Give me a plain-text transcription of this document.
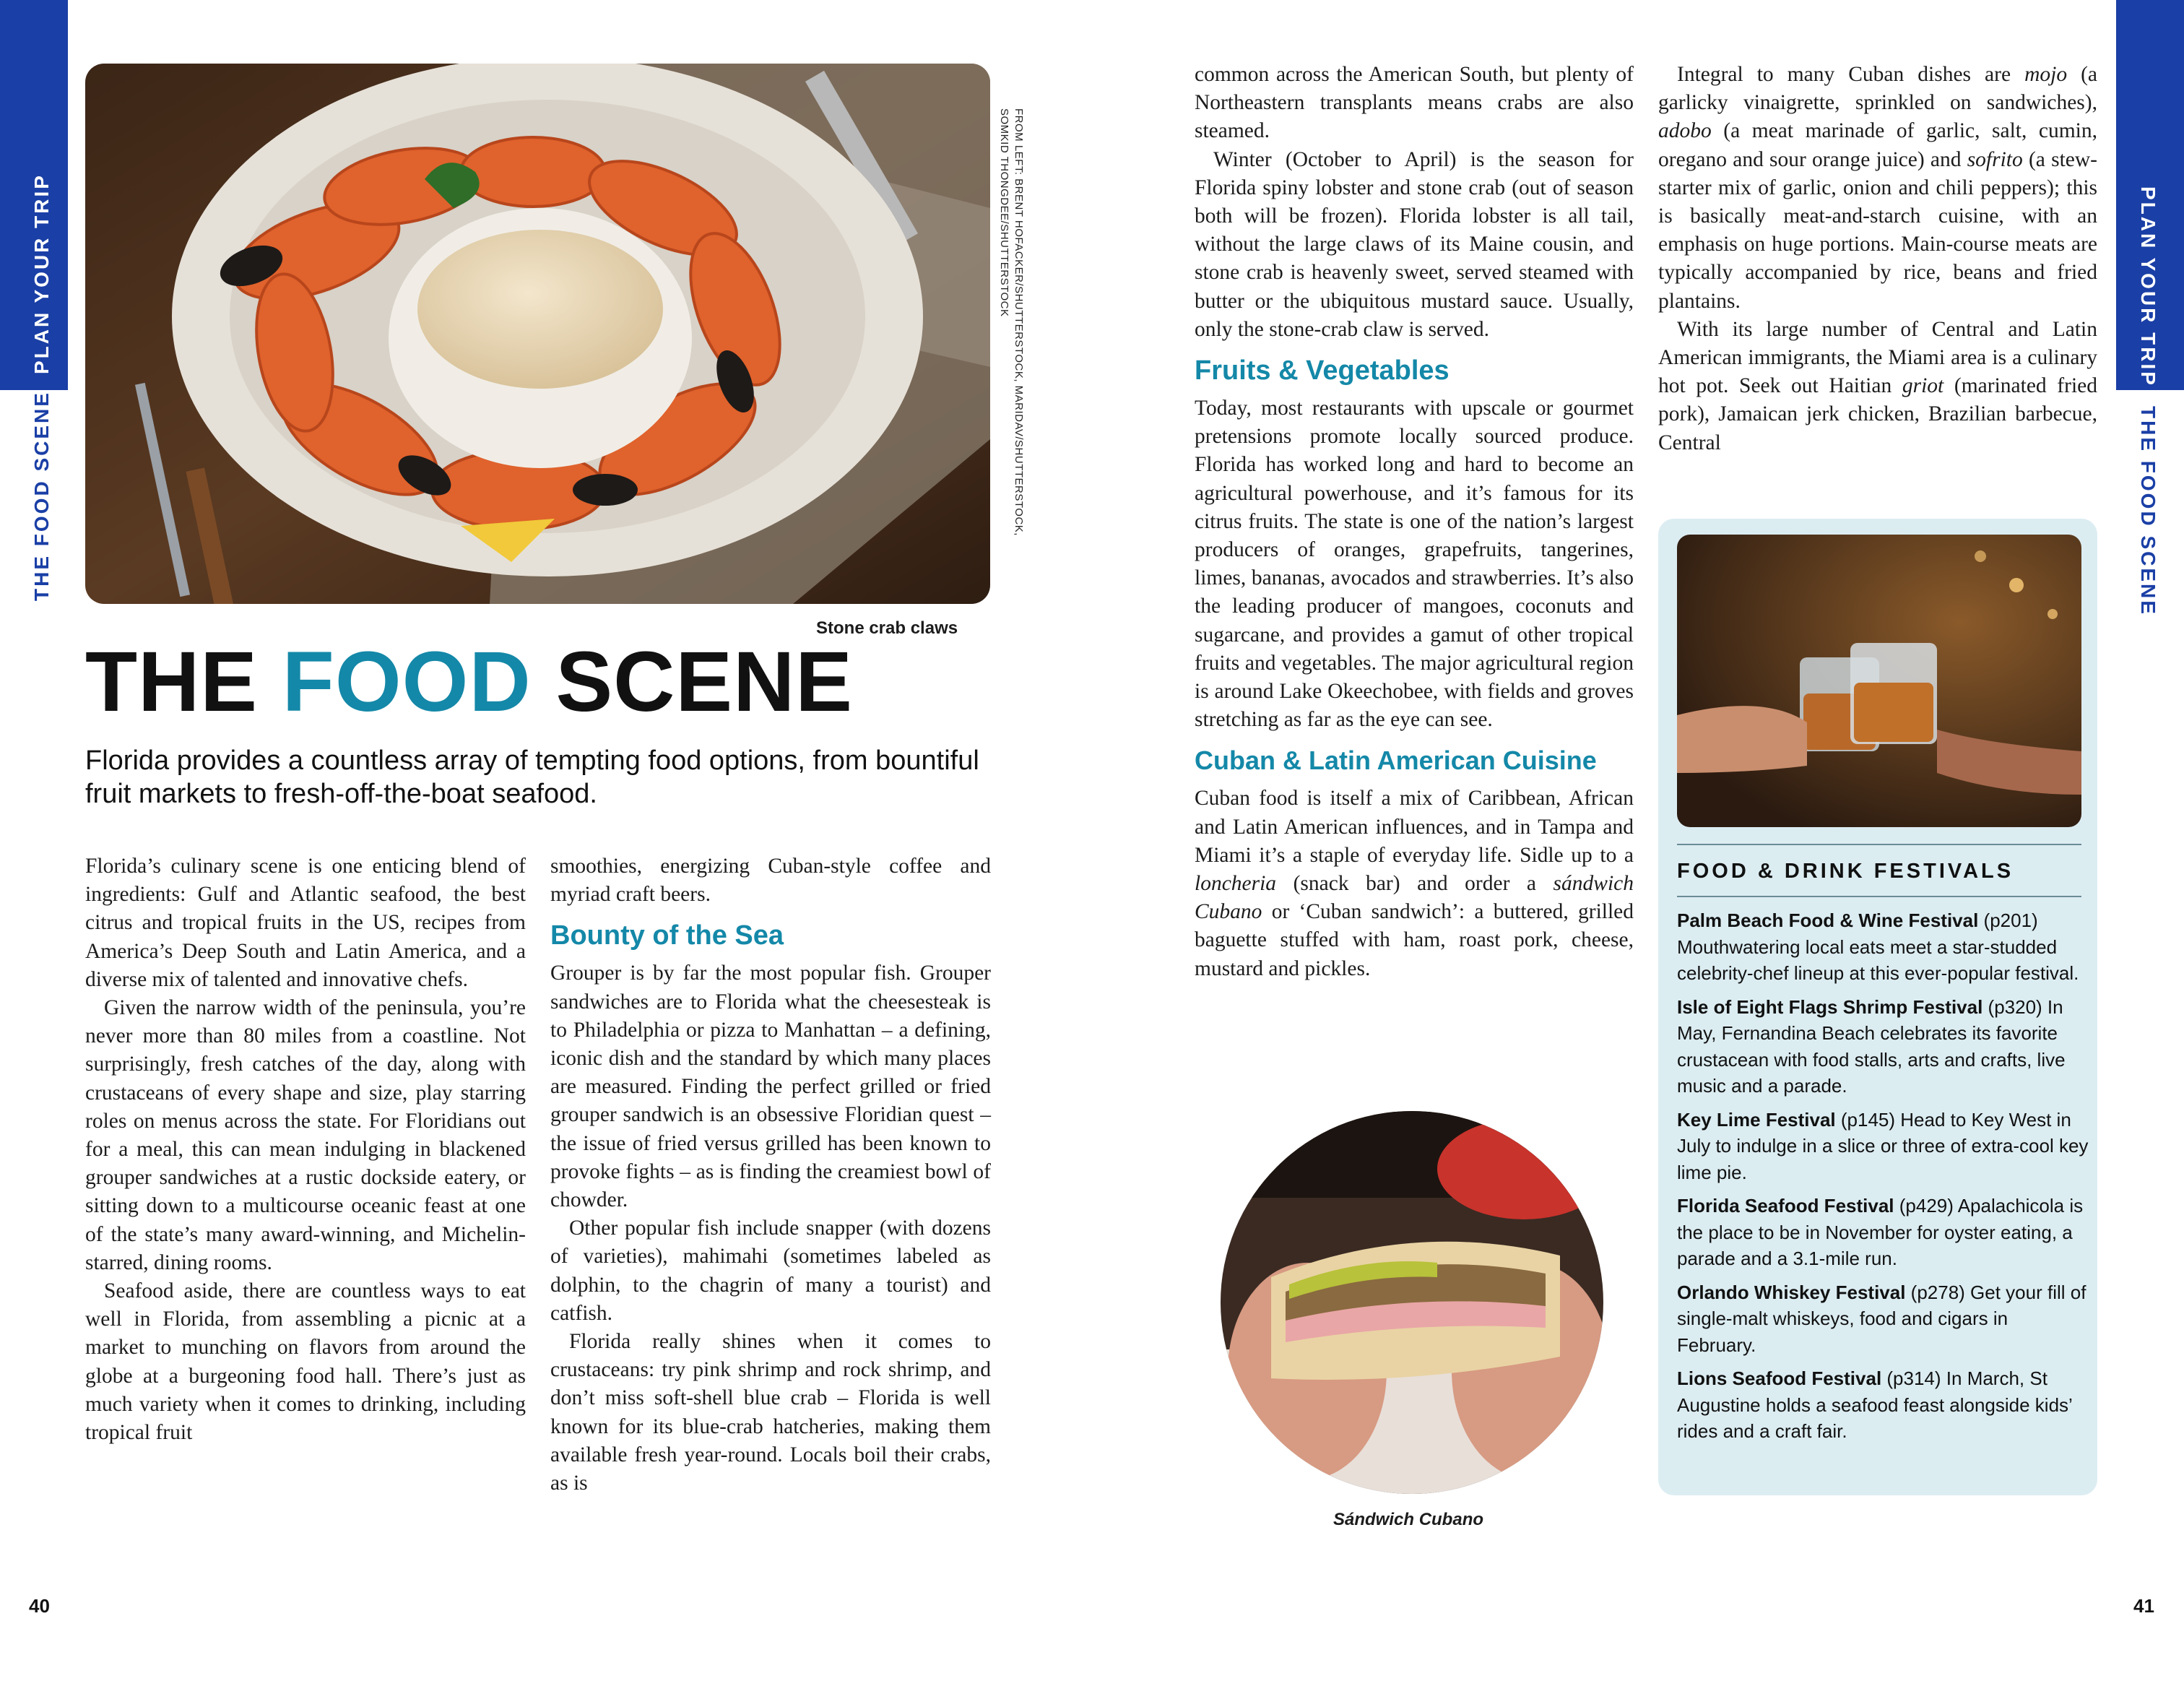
PLAN YOUR TRIP
THE FOOD SCENE
PLAN YOUR TRIP
THE FOOD SCENE
FROM LEFT: BRENT HOFACKER/SHUTTERSTOCK, MARIDAV/SHUTTERSTOCK, SOMKID THONGDEE/SHUTTERSTOCK
Stone crab claws
THE FOOD SCENE
Florida provides a countless array of tempting food options, from bountiful fruit markets to fresh-off-the-boat seafood.

Florida’s culinary scene is one enticing blend of ingredients: Gulf and Atlantic seafood, the best citrus and tropical fruits in the US, recipes from America’s Deep South and Latin America, and a diverse mix of talented and innovative chefs.

Given the narrow width of the peninsula, you’re never more than 80 miles from a coastline. Not surprisingly, fresh catches of the day, along with crustaceans of every shape and size, play starring roles on menus across the state. For Floridians out for a meal, this can mean indulging in blackened grouper sandwiches at a rustic dockside eatery, or sitting down to a multicourse oceanic feast at one of the state’s many award-winning, and Michelin-starred, dining rooms.

Seafood aside, there are countless ways to eat well in Florida, from assembling a picnic at a market to munching on flavors from around the globe at a burgeoning food hall. There’s just as much variety when it comes to drinking, including tropical fruit

smoothies, energizing Cuban-style coffee and myriad craft beers.

Bounty of the Sea

Grouper is by far the most popular fish. Grouper sandwiches are to Florida what the cheesesteak is to Philadelphia or pizza to Manhattan – a defining, iconic dish and the standard by which many places are measured. Finding the perfect grilled or fried grouper sandwich is an obsessive Floridian quest – the issue of fried versus grilled has been known to provoke fights – as is finding the creamiest bowl of chowder.

Other popular fish include snapper (with dozens of varieties), mahimahi (sometimes labeled as dolphin, to the chagrin of many a tourist) and catfish.

Florida really shines when it comes to crustaceans: try pink shrimp and rock shrimp, and don’t miss soft-shell blue crab – Florida is well known for its blue-crab hatcheries, making them available fresh year-round. Locals boil their crabs, as is

common across the American South, but plenty of Northeastern transplants means crabs are also steamed.

Winter (October to April) is the season for Florida spiny lobster and stone crab (out of season both will be frozen). Florida lobster is all tail, without the large claws of its Maine cousin, and stone crab is heavenly sweet, served steamed with butter or the ubiquitous mustard sauce. Usually, only the stone-crab claw is served.

Fruits & Vegetables

Today, most restaurants with upscale or gourmet pretensions promote locally sourced produce. Florida has worked long and hard to become an agricultural powerhouse, and it’s famous for its citrus fruits. The state is one of the nation’s largest producers of oranges, grapefruits, tangerines, limes, bananas, avocados and strawberries. It’s also the leading producer of mangoes, coconuts and sugarcane, and provides a gamut of other tropical fruits and vegetables. The major agricultural region is around Lake Okeechobee, with fields and groves stretching as far as the eye can see.

Cuban & Latin American Cuisine

Cuban food is itself a mix of Caribbean, African and Latin American influences, and in Tampa and Miami it’s a staple of everyday life. Sidle up to a loncheria (snack bar) and order a sándwich Cubano or ‘Cuban sandwich’: a buttered, grilled baguette stuffed with ham, roast pork, cheese, mustard and pickles.

Integral to many Cuban dishes are mojo (a garlicky vinaigrette, sprinkled on sandwiches), adobo (a meat marinade of garlic, salt, cumin, oregano and sour orange juice) and sofrito (a stew-starter mix of garlic, onion and chili peppers); this is basically meat-and-starch cuisine, with an emphasis on huge portions. Main-course meats are typically accompanied by rice, beans and fried plantains.

With its large number of Central and Latin American immigrants, the Miami area is a culinary hot pot. Seek out Haitian griot (marinated fried pork), Jamaican jerk chicken, Brazilian barbecue, Central

Sándwich Cubano
FOOD & DRINK FESTIVALS
Palm Beach Food & Wine Festival (p201) Mouthwatering local eats meet a star-studded celebrity-chef lineup at this ever-popular festival.
Isle of Eight Flags Shrimp Festival (p320) In May, Fernandina Beach celebrates its favorite crustacean with food stalls, arts and crafts, live music and a parade.
Key Lime Festival (p145) Head to Key West in July to indulge in a slice or three of extra-cool key lime pie.
Florida Seafood Festival (p429) Apalachicola is the place to be in November for oyster eating, a parade and a 3.1-mile run.
Orlando Whiskey Festival (p278) Get your fill of single-malt whiskeys, food and cigars in February.
Lions Seafood Festival (p314) In March, St Augustine holds a seafood feast alongside kids’ rides and a craft fair.
40	41
